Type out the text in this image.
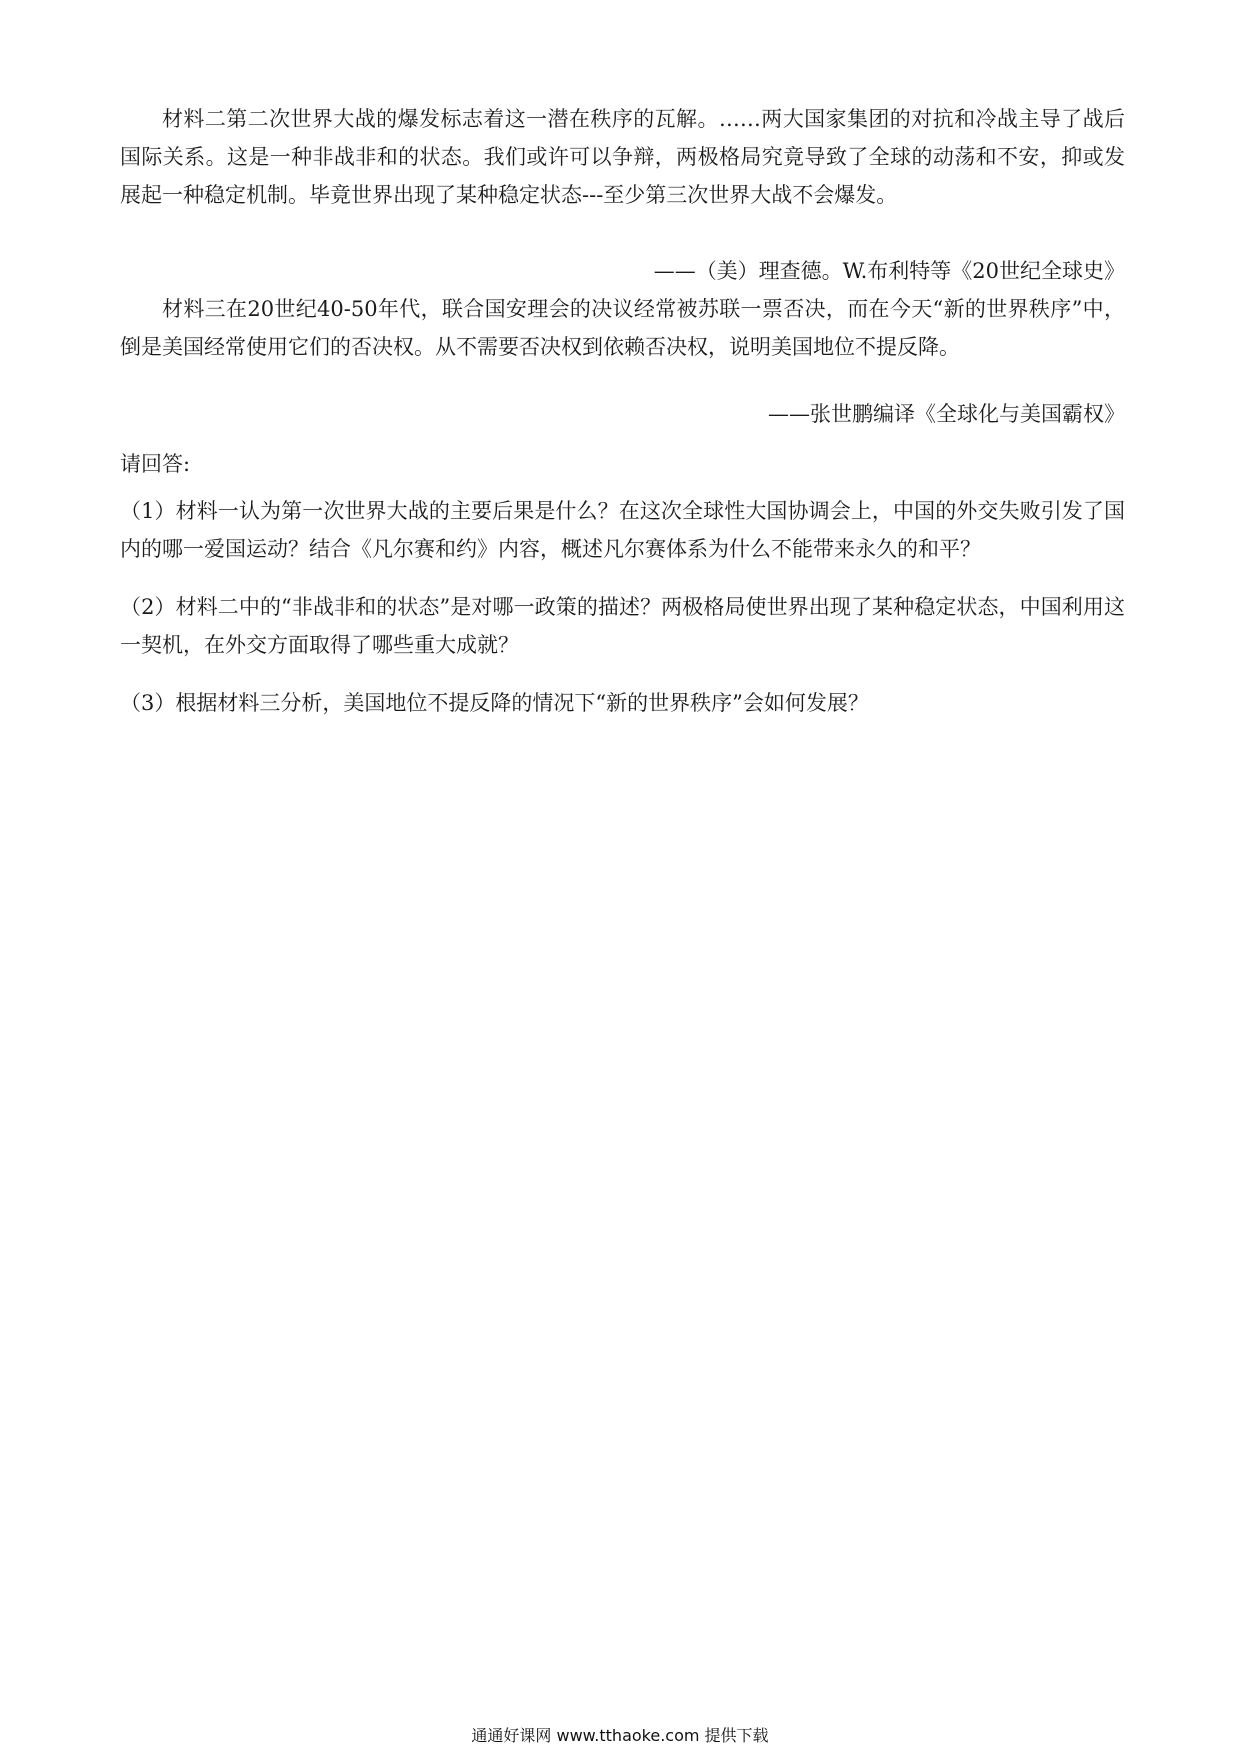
材料二第二次世界大战的爆发标志着这一潜在秩序的瓦解。……两大国家集团的对抗和冷战主导了战后国际关系。这是一种非战非和的状态。我们或许可以争辩，两极格局究竟导致了全球的动荡和不安，抑或发展起一种稳定机制。毕竟世界出现了某种稳定状态---至少第三次世界大战不会爆发。

——（美）理查德。W.布利特等《20世纪全球史》

材料三在20世纪40-50年代，联合国安理会的决议经常被苏联一票否决，而在今天“新的世界秩序”中，倒是美国经常使用它们的否决权。从不需要否决权到依赖否决权，说明美国地位不提反降。

——张世鹏编译《全球化与美国霸权》

请回答:

（1）材料一认为第一次世界大战的主要后果是什么？在这次全球性大国协调会上，中国的外交失败引发了国内的哪一爱国运动？结合《凡尔赛和约》内容，概述凡尔赛体系为什么不能带来永久的和平？

（2）材料二中的“非战非和的状态”是对哪一政策的描述？两极格局使世界出现了某种稳定状态，中国利用这一契机，在外交方面取得了哪些重大成就？

（3）根据材料三分析，美国地位不提反降的情况下“新的世界秩序”会如何发展？

通通好课网 www.tthaoke.com 提供下载
